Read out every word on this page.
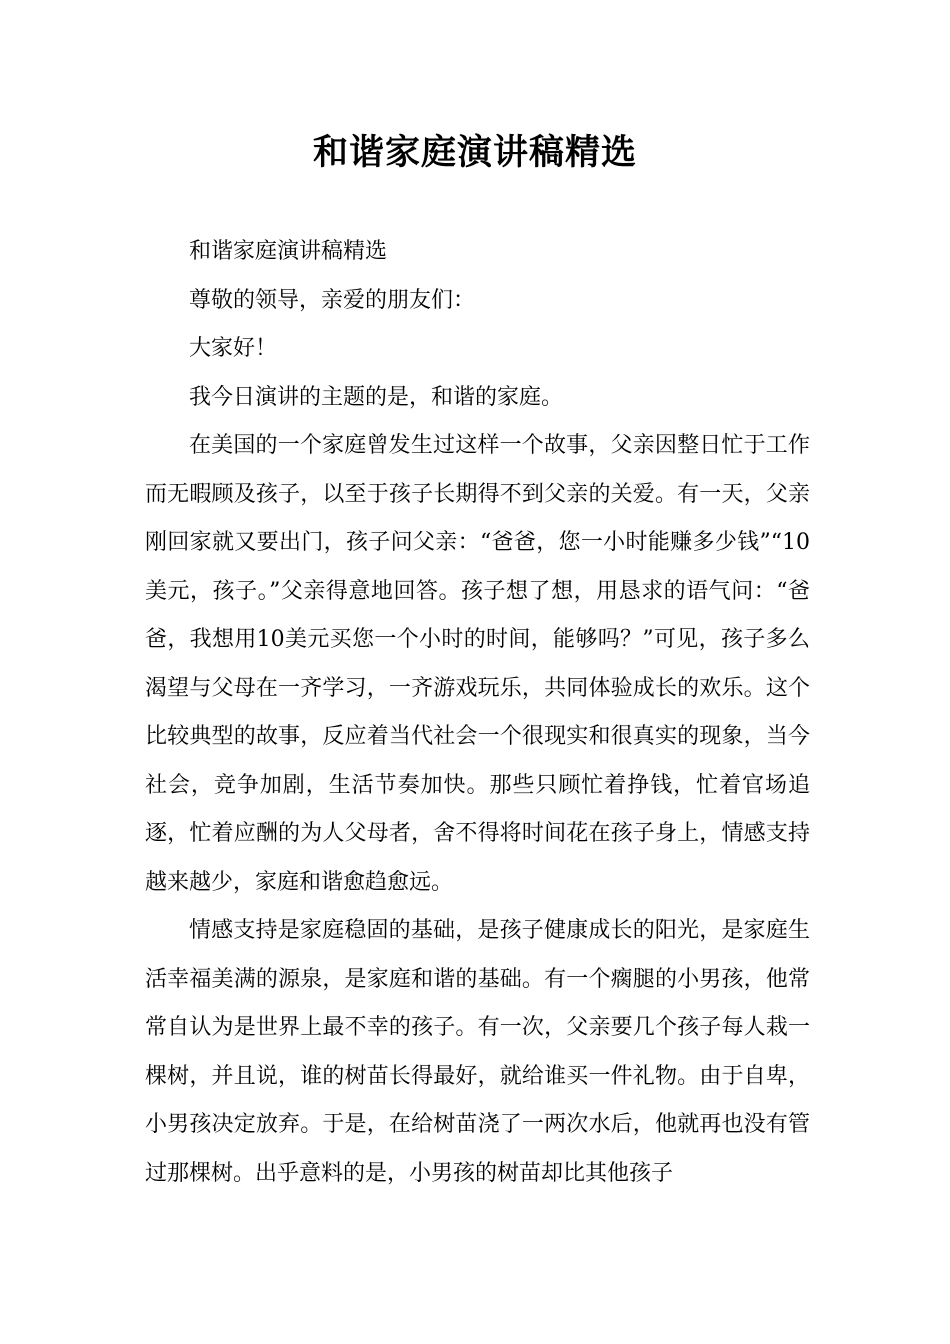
和谐家庭演讲稿精选

和谐家庭演讲稿精选

尊敬的领导，亲爱的朋友们：

大家好！

我今日演讲的主题的是，和谐的家庭。

在美国的一个家庭曾发生过这样一个故事，父亲因整日忙于工作而无暇顾及孩子，以至于孩子长期得不到父亲的关爱。有一天，父亲刚回家就又要出门，孩子问父亲：“爸爸，您一小时能赚多少钱”“10美元，孩子。”父亲得意地回答。孩子想了想，用恳求的语气问：“爸爸，我想用10美元买您一个小时的时间，能够吗？”可见，孩子多么渴望与父母在一齐学习，一齐游戏玩乐，共同体验成长的欢乐。这个比较典型的故事，反应着当代社会一个很现实和很真实的现象，当今社会，竞争加剧，生活节奏加快。那些只顾忙着挣钱，忙着官场追逐，忙着应酬的为人父母者，舍不得将时间花在孩子身上，情感支持越来越少，家庭和谐愈趋愈远。

情感支持是家庭稳固的基础，是孩子健康成长的阳光，是家庭生活幸福美满的源泉，是家庭和谐的基础。有一个瘸腿的小男孩，他常常自认为是世界上最不幸的孩子。有一次，父亲要几个孩子每人栽一棵树，并且说，谁的树苗长得最好，就给谁买一件礼物。由于自卑，小男孩决定放弃。于是，在给树苗浇了一两次水后，他就再也没有管过那棵树。出乎意料的是，小男孩的树苗却比其他孩子
